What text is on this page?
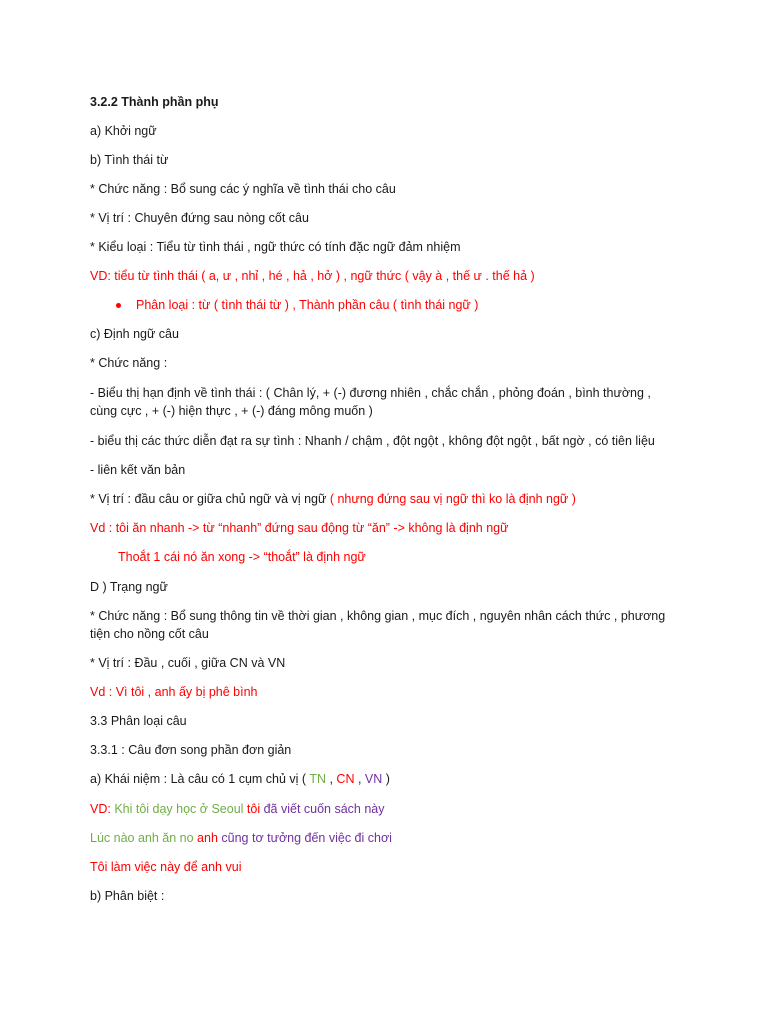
3.2.2 Thành phần phụ
a) Khởi ngữ
b) Tình thái từ
* Chức năng : Bổ sung các ý nghĩa về tình thái cho câu
* Vị trí : Chuyên đứng sau nòng cốt câu
* Kiểu loại : Tiểu từ tình thái , ngữ thức có tính đặc ngữ đảm nhiệm
VD: tiểu từ tình thái ( a, ư , nhỉ , hé , hả , hở ) , ngữ thức ( vậy à , thế ư . thế hả )
Phân loại : từ ( tình thái từ ) , Thành phần câu ( tình thái ngữ )
c) Định ngữ câu
* Chức năng :
- Biểu thị hạn định về tình thái : ( Chân lý, + (-) đương nhiên , chắc chắn , phỏng đoán , bình thường , cùng cực , + (-) hiện thực , + (-) đáng mông muốn )
- biểu thị các thức diễn đạt ra sự tình : Nhanh / chậm , đột ngột , không đột ngột , bất ngờ , có tiên liệu
- liên kết văn bản
* Vị trí : đầu câu or giữa chủ ngữ và vị ngữ ( nhưng đứng sau vị ngữ thì ko là định ngữ )
Vd : tôi ăn nhanh -> từ “nhanh” đứng sau động từ “ăn” -> không là định ngữ
Thoắt 1 cái nó ăn xong -> “thoắt” là định ngữ
D ) Trạng ngữ
* Chức năng : Bổ sung thông tin về thời gian , không gian , mục đích , nguyên nhân cách thức , phương tiện cho nồng cốt câu
* Vị trí : Đầu , cuối , giữa CN và VN
Vd : Vì tôi , anh ấy bị phê bình
3.3 Phân loại câu
3.3.1 : Câu đơn song phần đơn giản
a) Khái niệm : Là câu có 1 cụm chủ vị ( TN , CN , VN )
VD: Khi tôi dạy học ở Seoul tôi đã viết cuốn sách này
Lúc nào anh ăn no anh cũng tơ tưởng đến việc đi chơi
Tôi làm việc này để anh vui
b) Phân biệt :
